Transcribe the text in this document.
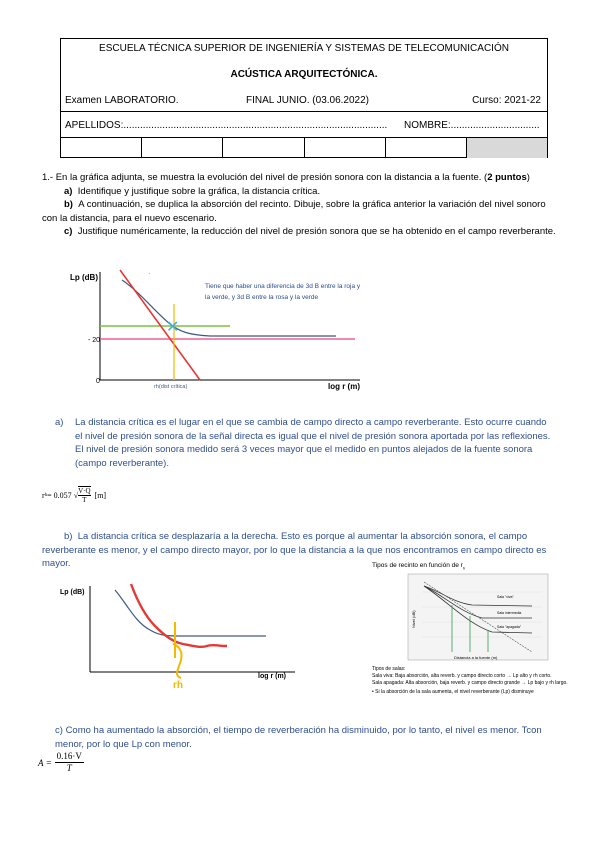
ESCUELA TÉCNICA SUPERIOR DE INGENIERÍA Y SISTEMAS DE TELECOMUNICACIÓN
ACÚSTICA ARQUITECTÓNICA.
Examen LABORATORIO.	FINAL JUNIO. (03.06.2022)	Curso: 2021-22
APELLIDOS:............................................................................................... NOMBRE:................................
1.- En la gráfica adjunta, se muestra la evolución del nivel de presión sonora con la distancia a la fuente. (2 puntos)
a) Identifique y justifique sobre la gráfica, la distancia crítica.
b) A continuación, se duplica la absorción del recinto. Dibuje, sobre la gráfica anterior la variación del nivel sonoro con la distancia, para el nuevo escenario.
c) Justifique numéricamente, la reducción del nivel de presión sonora que se ha obtenido en el campo reverberante.
Lp (dB)
log r (m)
- 20
0
·
✕
rh(dist crítica)
Tiene que haber una diferencia de 3d B entre la roja y la verde, y 3d B entre la rosa y la verde
a)	La distancia crítica es el lugar en el que se cambia de campo directo a campo reverberante. Esto ocurre cuando el nivel de presión sonora de la señal directa es igual que el nivel de presión sonora aportada por las reflexiones. El nivel de presión sonora medido será 3 veces mayor que el medido en puntos alejados de la fuente sonora (campo reverberante).
r h = 0.057 √ V·Q
T
[m]
b) La distancia crítica se desplazaría a la derecha. Esto es porque al aumentar la absorción sonora, el campo reverberante es menor, y el campo directo mayor, por lo que la distancia a la que nos encontramos en campo directo es mayor.
Lp (dB)
log r (m)
rh
Tipos de recinto en función de $r_h$
Nivel (dB)
Sala "viva"
Sala intermedia
Sala "apagada"
Distancia a la fuente (m)
Tipos de salas:
Sala viva: Baja absorción, alta reverb. y campo directo corto → Lp alto y rh corto.
Sala apagada: Alta absorción, baja reverb. y campo directo grande → Lp bajo y rh largo.
• Si la absorción de la sala aumenta, el nivel reverberante (Lp) disminuye
c) Como ha aumentado la absorción, el tiempo de reverberación ha disminuido, por lo tanto, el nivel es menor. Tcon menor, por lo que Lp con menor.
$A = \frac{0.16\cdot V}{T}$
